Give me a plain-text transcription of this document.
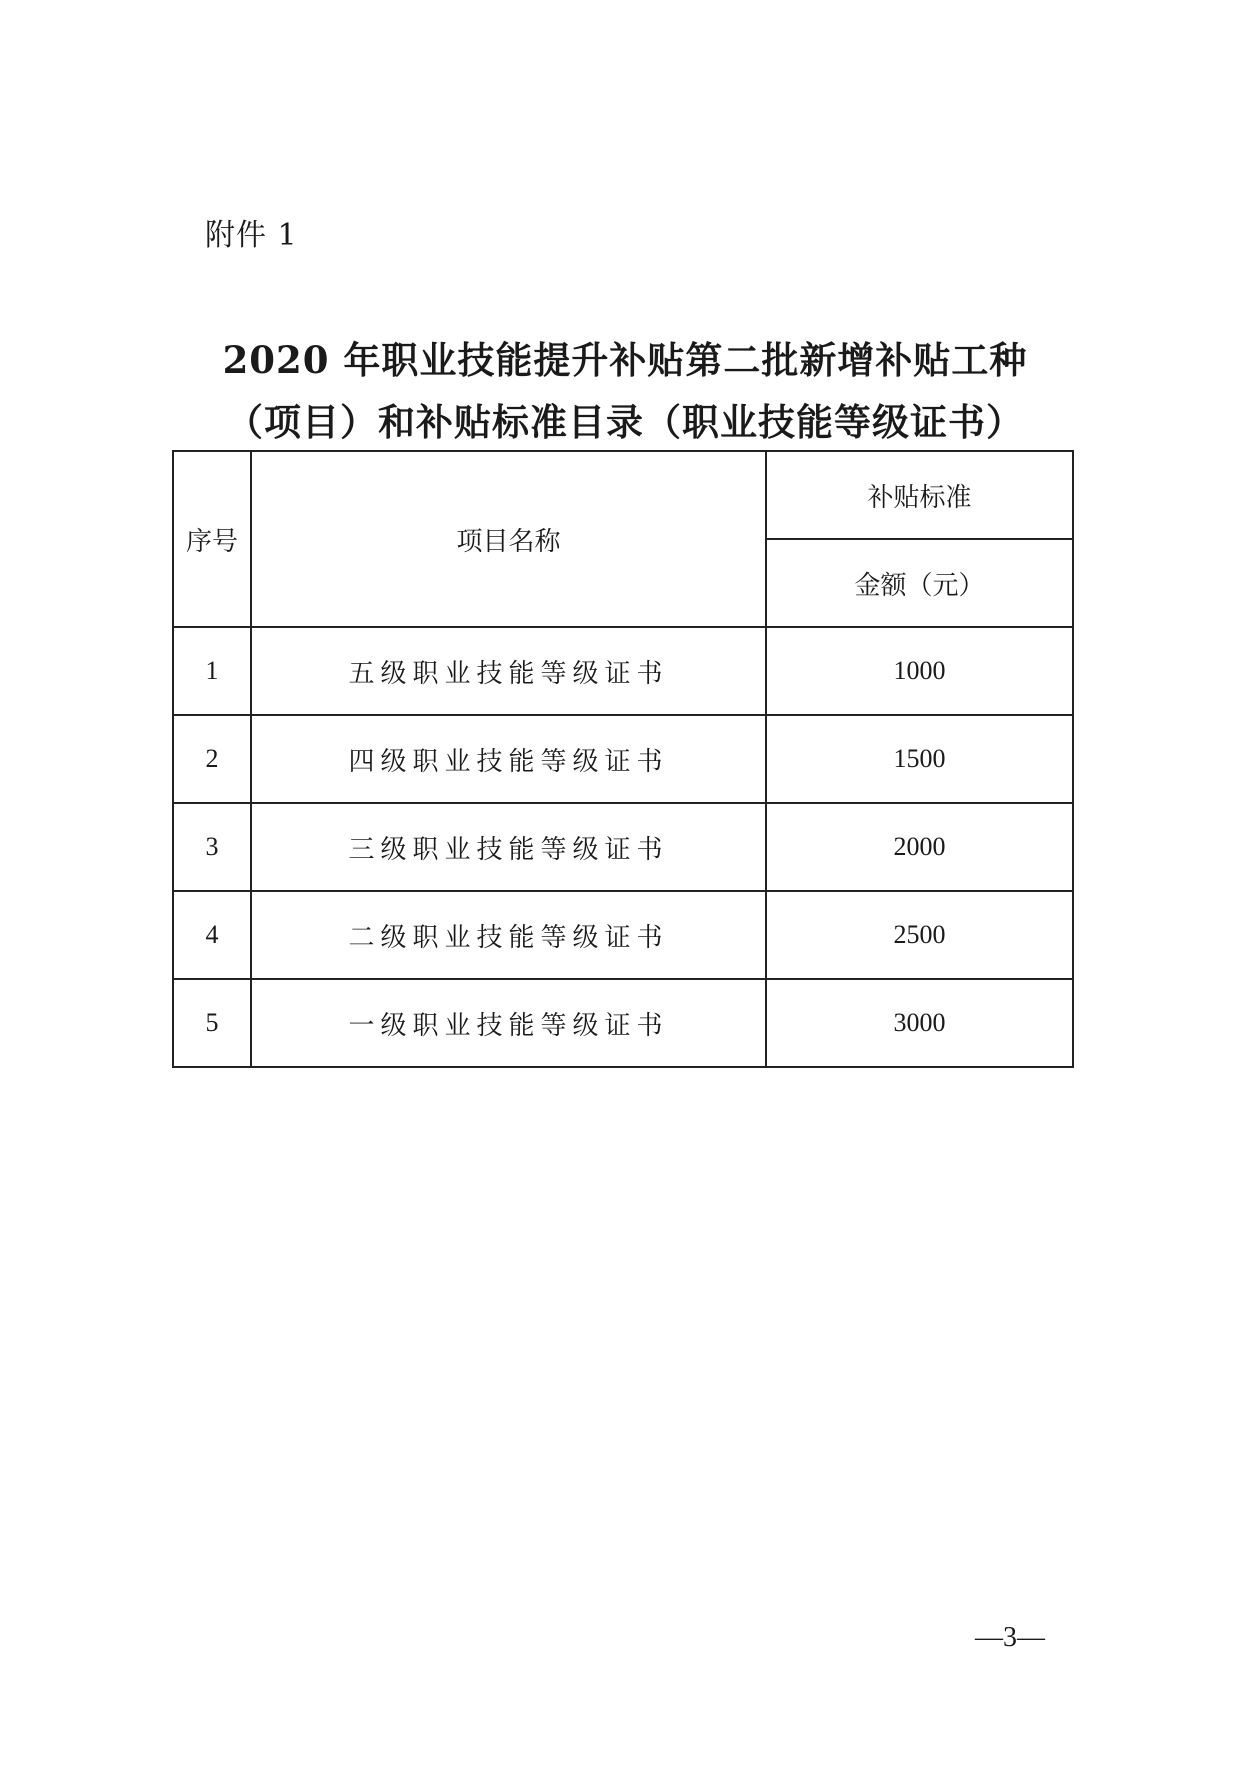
附件 1
2020 年职业技能提升补贴第二批新增补贴工种
（项目）和补贴标准目录（职业技能等级证书）
序号	项目名称	补贴标准
		金额（元）
1	五级职业技能等级证书	1000
2	四级职业技能等级证书	1500
3	三级职业技能等级证书	2000
4	二级职业技能等级证书	2500
5	一级职业技能等级证书	3000
—3—
